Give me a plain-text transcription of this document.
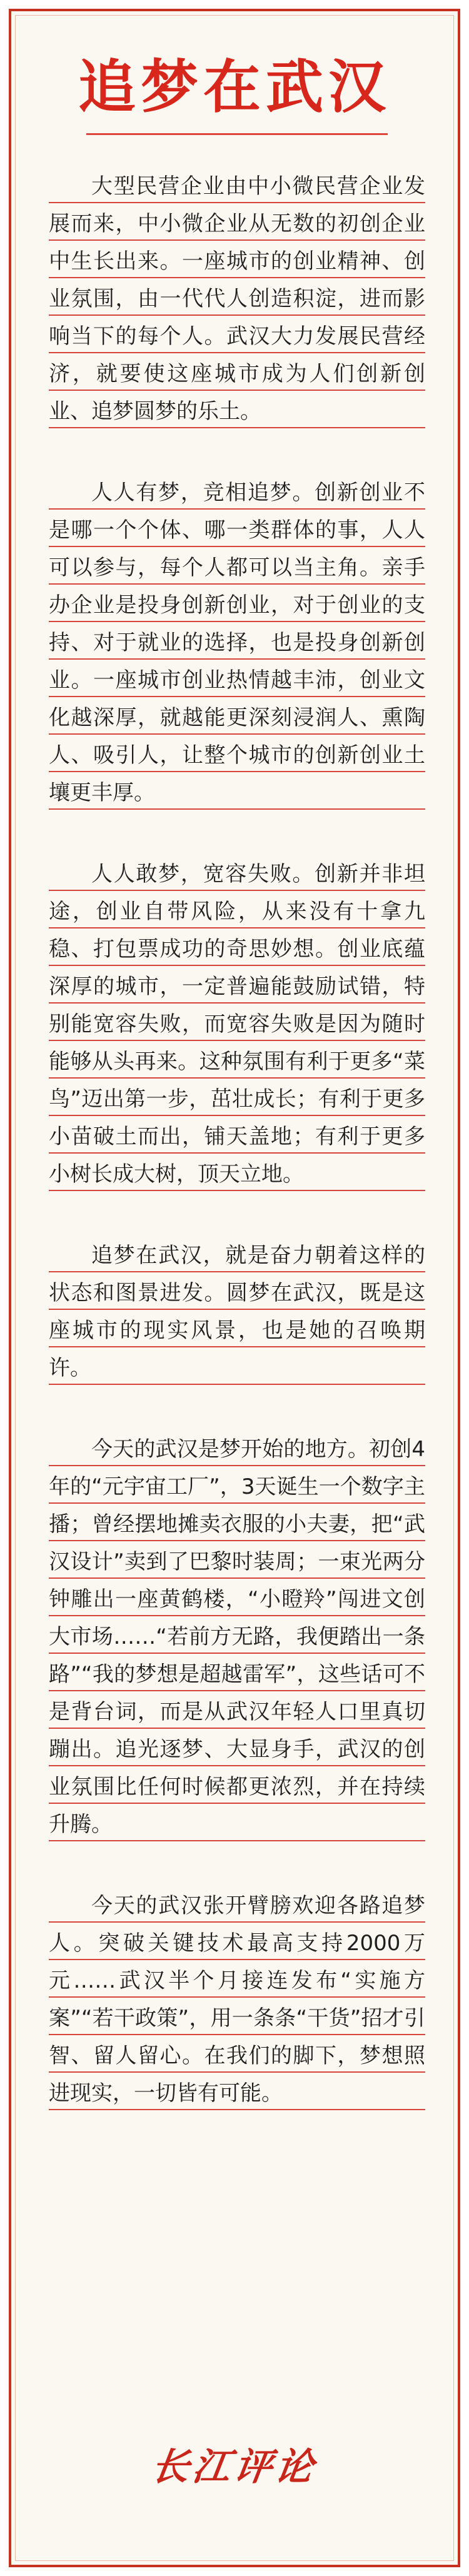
追梦在武汉

大型民营企业由中小微民营企业发展而来，中小微企业从无数的初创企业中生长出来。一座城市的创业精神、创业氛围，由一代代人创造积淀，进而影响当下的每个人。武汉大力发展民营经济，就要使这座城市成为人们创新创业、追梦圆梦的乐土。

人人有梦，竞相追梦。创新创业不是哪一个个体、哪一类群体的事，人人可以参与，每个人都可以当主角。亲手办企业是投身创新创业，对于创业的支持、对于就业的选择，也是投身创新创业。一座城市创业热情越丰沛，创业文化越深厚，就越能更深刻浸润人、熏陶人、吸引人，让整个城市的创新创业土壤更丰厚。

人人敢梦，宽容失败。创新并非坦途，创业自带风险，从来没有十拿九稳、打包票成功的奇思妙想。创业底蕴深厚的城市，一定普遍能鼓励试错，特别能宽容失败，而宽容失败是因为随时能够从头再来。这种氛围有利于更多“菜鸟”迈出第一步，茁壮成长；有利于更多小苗破土而出，铺天盖地；有利于更多小树长成大树，顶天立地。

追梦在武汉，就是奋力朝着这样的状态和图景进发。圆梦在武汉，既是这座城市的现实风景，也是她的召唤期许。

今天的武汉是梦开始的地方。初创4年的“元宇宙工厂”，3天诞生一个数字主播；曾经摆地摊卖衣服的小夫妻，把“武汉设计”卖到了巴黎时装周；一束光两分钟雕出一座黄鹤楼，“小瞪羚”闯进文创大市场……“若前方无路，我便踏出一条路”“我的梦想是超越雷军”，这些话可不是背台词，而是从武汉年轻人口里真切蹦出。追光逐梦、大显身手，武汉的创业氛围比任何时候都更浓烈，并在持续升腾。

今天的武汉张开臂膀欢迎各路追梦人。突破关键技术最高支持2000万元……武汉半个月接连发布“实施方案”“若干政策”，用一条条“干货”招才引智、留人留心。在我们的脚下，梦想照进现实，一切皆有可能。

长江评论
